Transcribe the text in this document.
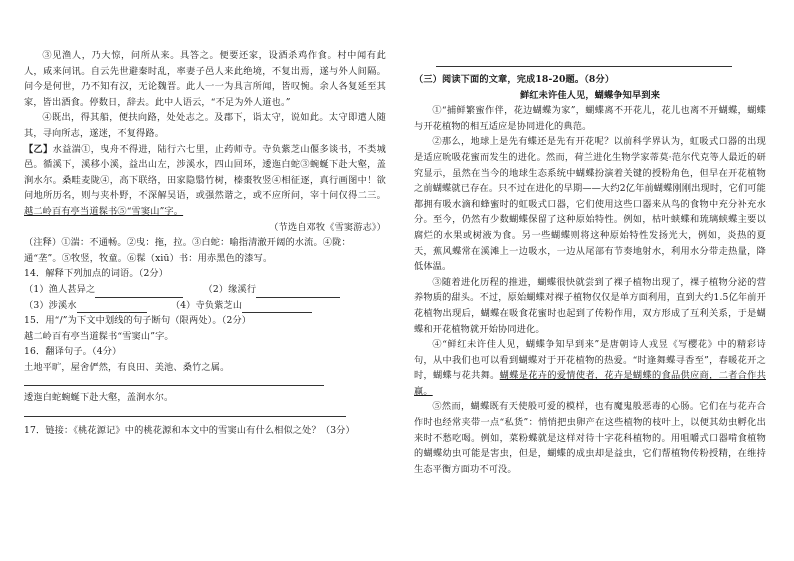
③见渔人，乃大惊，问所从来。具答之。便要还家，设酒杀鸡作食。村中闻有此人，咸来问讯。自云先世避秦时乱，率妻子邑人来此绝境，不复出焉，遂与外人间隔。问今是何世，乃不知有汉，无论魏晋。此人一一为具言所闻，皆叹惋。余人各复延至其家，皆出酒食。停数日，辞去。此中人语云，“不足为外人道也。”

④既出，得其船，便扶向路，处处志之。及郡下，诣太守，说如此。太守即遣人随其，寻向所志，遂迷，不复得路。

【乙】水益湍①，曳舟不得进，陆行六七里，止药师寺。寺负紫芝山偃多谈书，不类城邑。循溪下，溪移小溪，益出山左，涉溪水，四山回环，逶迤白蛇③蜿蜒下赴大壑，盖涧水尔。桑畦麦陇④，高下联络，田家隐翳竹树，榛棗牧竖④相征逐，真行画图中！欲问地所历名，则与夹朴野，不深解吴语，或强然谐之，或不应所问，宰十问仅得二三。越二岭百有亭当道髹书⑤“雪窦山”字。

（节选自邓牧《雪窦游志》）

（注释）①湍：不通畅。②曳：拖，拉。③白蛇：喻指清澈开阔的水流。④陇：通“垄”。⑤牧竖，牧童。⑥髹（xiū）书：用赤黑色的漆写。

14．解释下列加点的词语。（2分）

（1）渔人甚异之	（2）缘溪行

（3）涉溪水	（4）寺负紫芝山

15．用“/”为下文中划线的句子断句（限两处）。（2分）

越二岭百有亭当道髹书“雪窦山”字。

16．翻译句子。（4分）

土地平旷，屋舍俨然，有良田、美池、桑竹之属。

逶迤白蛇蜿蜒下赴大壑，盖涧水尔。

17．链接：《桃花源记》中的桃花源和本文中的雪窦山有什么相似之处？（3分）

（三）阅读下面的文章，完成18-20题。（8分）

鲜红未许佳人见，蝴蝶争知早到来

①“捕鲜繁蜜作伴，花边蝴蝶为家”，蝴蝶离不开花儿，花儿也离不开蝴蝶，蝴蝶与开花植物的相互适应是协同进化的典范。

②那么，地球上是先有蝶还是先有开花呢？以前科学界认为，虹吸式口器的出现是适应吮吸花蜜而发生的进化。然而，荷兰进化生物学家蒂莫·范尔代克等人最近的研究显示，虽然在当今的地球生态系统中蝴蝶扮演着关键的授粉角色，但早在开花植物之前蝴蝶就已存在。只不过在进化的早期——大约2亿年前蝴蝶刚刚出现时，它们可能都拥有吸水滴和蜂蜜时的虹吸式口器，它们使用这些口器来从鸟的食物中充分补充水分。至今，仍然有少数蝴蝶保留了这种原始特性。例如，枯叶蛱蝶和琉璃蛱蝶主要以腐烂的水果或树液为食。另一些蝴蝶则将这种原始特性发扬光大，例如，炎热的夏天，蕉风蝶常在溪滩上一边吸水，一边从尾部有节奏地射水，利用水分带走热量，降低体温。

③随着进化历程的推进，蝴蝶很快就尝到了裸子植物出现了，裸子植物分泌的营养物质的甜头。不过，原始蝴蝶对裸子植物仅仅是单方面利用，直到大约1.5亿年前开花植物出现后，蝴蝶在吸食花蜜时也起到了传粉作用，双方形成了互利关系，于是蝴蝶和开花植物就开始协同进化。

④“鲜红未许佳人见，蝴蝶争知早到来”是唐朝诗人戎昱《写樱花》中的精彩诗句，从中我们也可以看到蝴蝶对于开花植物的热爱。“时逢舞蝶寻香至”，春暖花开之时，蝴蝶与花共舞。蝴蝶是花卉的爱情使者，花卉是蝴蝶的食品供应商，二者合作共赢。

⑤然而，蝴蝶既有天使般可爱的模样，也有魔鬼般恶毒的心肠。它们在与花卉合作时也经常夹带一点“私货”：悄悄把虫卵产在这些植物的枝叶上，以便其幼虫孵化出来时不愁吃喝。例如，菜粉蝶就是这样对待十字花科植物的。用咀嚼式口器啃食植物的蝴蝶幼虫可能是害虫，但是，蝴蝶的成虫却是益虫，它们帮植物传粉授精，在维持生态平衡方面功不可没。
